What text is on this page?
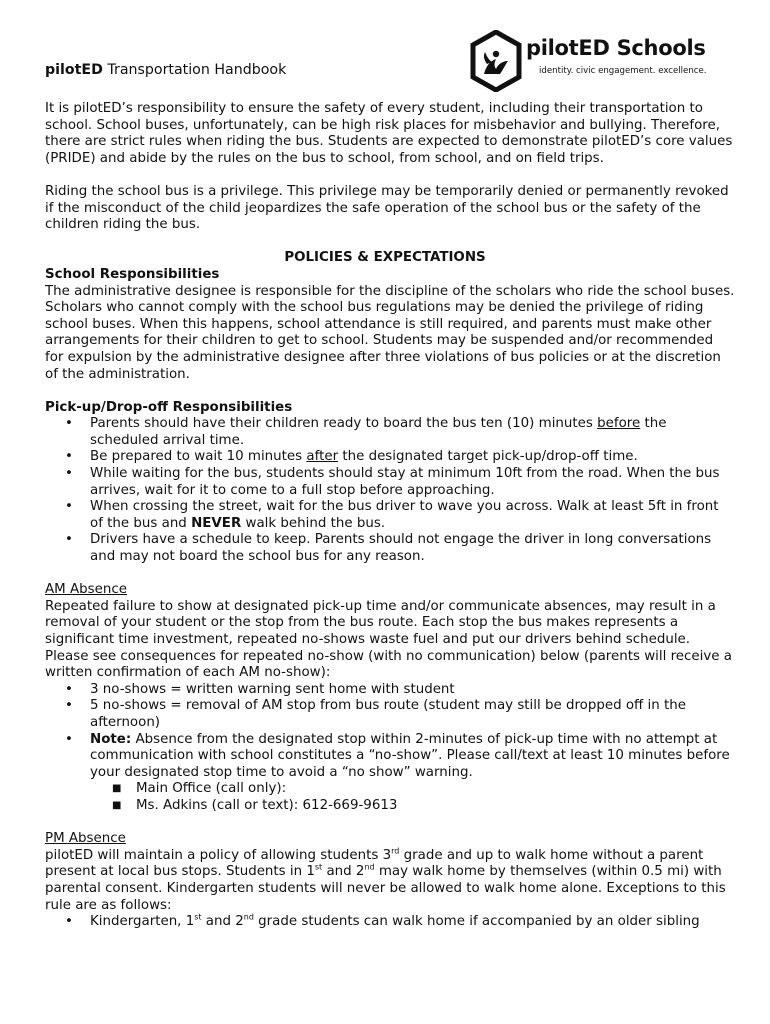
pilotED Schools
identity. civic engagement. excellence.
pilotED Transportation Handbook

It is pilotED’s responsibility to ensure the safety of every student, including their transportation to school. School buses, unfortunately, can be high risk places for misbehavior and bullying. Therefore, there are strict rules when riding the bus. Students are expected to demonstrate pilotED’s core values (PRIDE) and abide by the rules on the bus to school, from school, and on field trips.

Riding the school bus is a privilege. This privilege may be temporarily denied or permanently revoked if the misconduct of the child jeopardizes the safe operation of the school bus or the safety of the children riding the bus.

POLICIES & EXPECTATIONS

School Responsibilities

The administrative designee is responsible for the discipline of the scholars who ride the school buses. Scholars who cannot comply with the school bus regulations may be denied the privilege of riding school buses. When this happens, school attendance is still required, and parents must make other arrangements for their children to get to school. Students may be suspended and/or recommended for expulsion by the administrative designee after three violations of bus policies or at the discretion of the administration.

Pick-up/Drop-off Responsibilities

• Parents should have their children ready to board the bus ten (10) minutes before the scheduled arrival time.
• Be prepared to wait 10 minutes after the designated target pick-up/drop-off time.
• While waiting for the bus, students should stay at minimum 10ft from the road. When the bus arrives, wait for it to come to a full stop before approaching.
• When crossing the street, wait for the bus driver to wave you across. Walk at least 5ft in front of the bus and NEVER walk behind the bus.
• Drivers have a schedule to keep. Parents should not engage the driver in long conversations and may not board the school bus for any reason.

AM Absence

Repeated failure to show at designated pick-up time and/or communicate absences, may result in a removal of your student or the stop from the bus route. Each stop the bus makes represents a significant time investment, repeated no-shows waste fuel and put our drivers behind schedule. Please see consequences for repeated no-show (with no communication) below (parents will receive a written confirmation of each AM no-show):

• 3 no-shows = written warning sent home with student
• 5 no-shows = removal of AM stop from bus route (student may still be dropped off in the afternoon)
• Note: Absence from the designated stop within 2-minutes of pick-up time with no attempt at communication with school constitutes a “no-show”. Please call/text at least 10 minutes before your designated stop time to avoid a “no show” warning.
■ Main Office (call only):
■ Ms. Adkins (call or text): 612-669-9613

PM Absence

pilotED will maintain a policy of allowing students 3rd grade and up to walk home without a parent present at local bus stops. Students in 1st and 2nd may walk home by themselves (within 0.5 mi) with parental consent. Kindergarten students will never be allowed to walk home alone. Exceptions to this rule are as follows:

• Kindergarten, 1st and 2nd grade students can walk home if accompanied by an older sibling
